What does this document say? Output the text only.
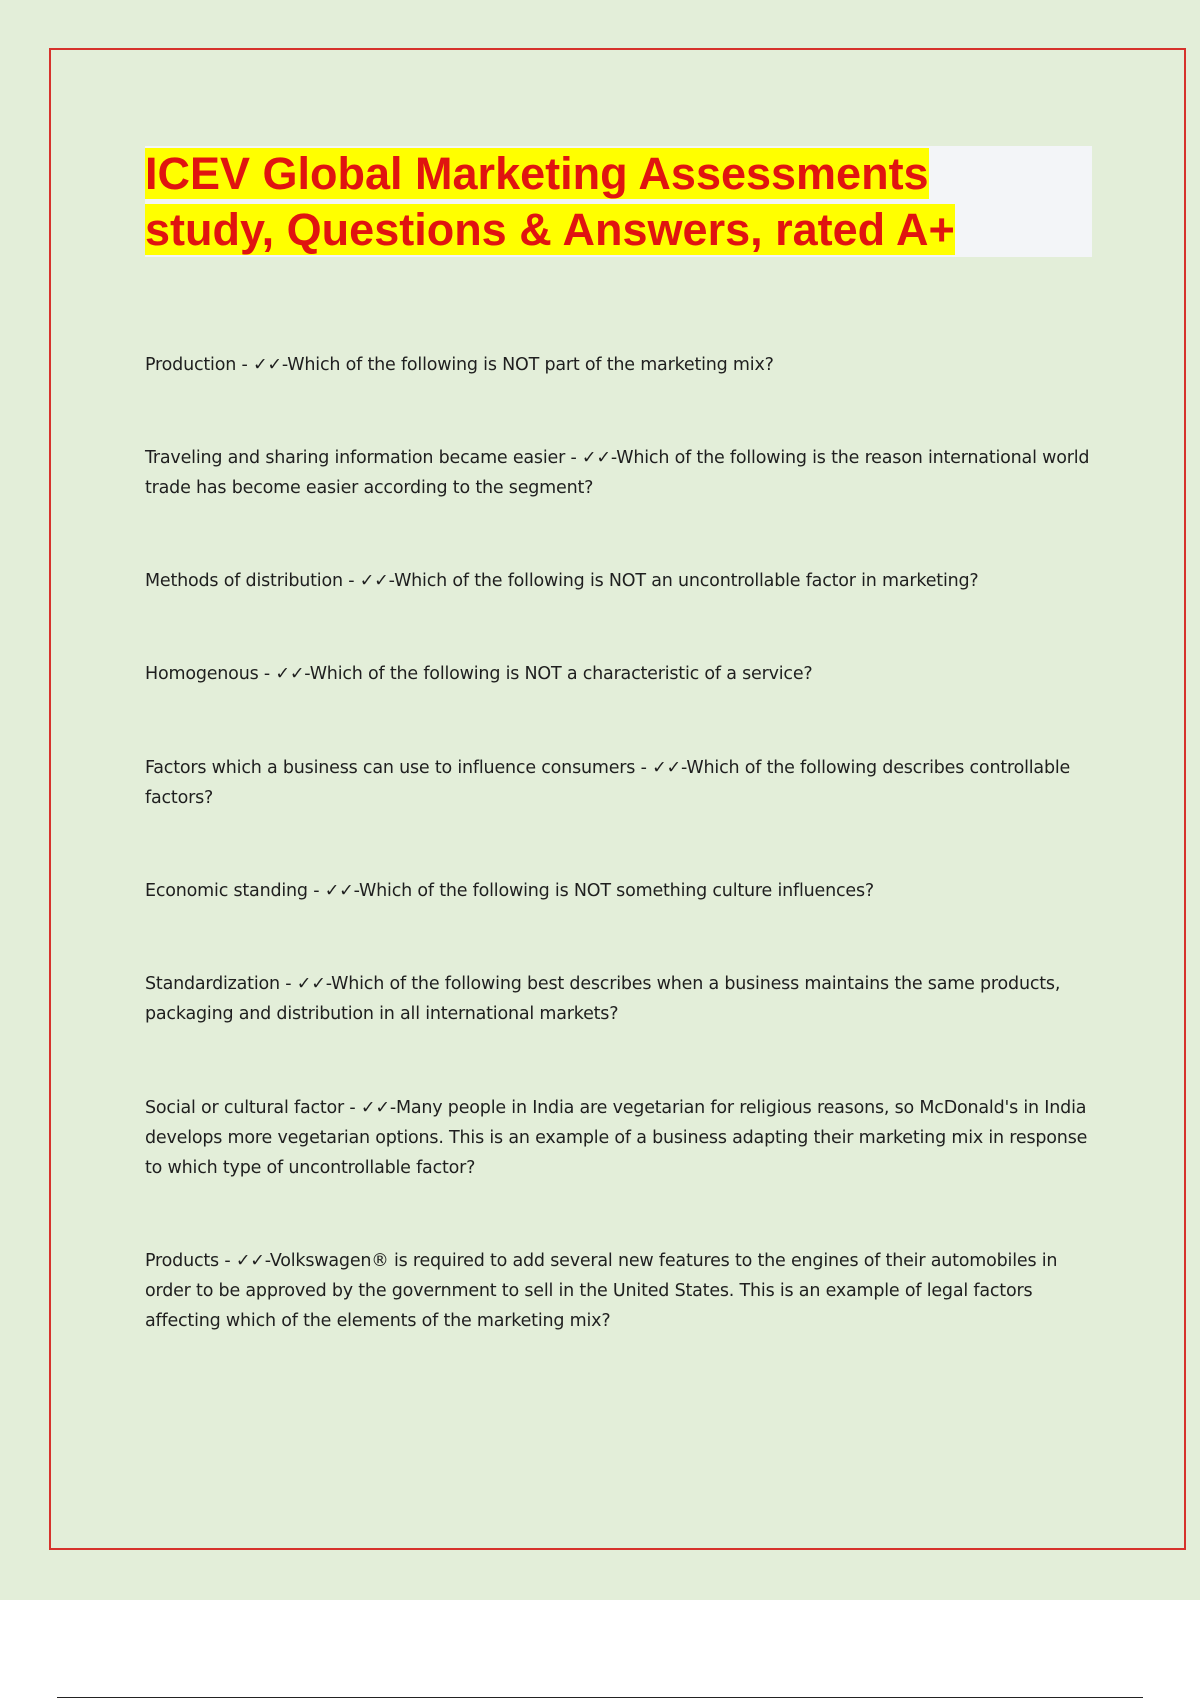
ICEV Global Marketing Assessments
study, Questions & Answers, rated A+

Production - ✓✓-Which of the following is NOT part of the marketing mix?

Traveling and sharing information became easier - ✓✓-Which of the following is the reason international world trade has become easier according to the segment?

Methods of distribution - ✓✓-Which of the following is NOT an uncontrollable factor in marketing?

Homogenous - ✓✓-Which of the following is NOT a characteristic of a service?

Factors which a business can use to influence consumers - ✓✓-Which of the following describes controllable factors?

Economic standing - ✓✓-Which of the following is NOT something culture influences?

Standardization - ✓✓-Which of the following best describes when a business maintains the same products, packaging and distribution in all international markets?

Social or cultural factor - ✓✓-Many people in India are vegetarian for religious reasons, so McDonald's in India develops more vegetarian options. This is an example of a business adapting their marketing mix in response to which type of uncontrollable factor?

Products - ✓✓-Volkswagen® is required to add several new features to the engines of their automobiles in order to be approved by the government to sell in the United States. This is an example of legal factors affecting which of the elements of the marketing mix?
